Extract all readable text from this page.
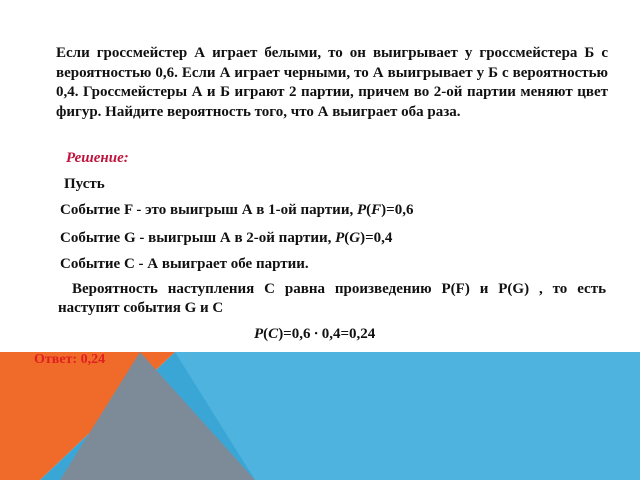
Если гроссмейстер А играет белыми, то он выигрывает у гроссмейстера Б с вероятностью 0,6. Если А играет черными, то А выигрывает у Б с вероятностью 0,4. Гроссмейстеры А и Б играют 2 партии, причем во 2-ой партии меняют цвет фигур. Найдите вероятность того, что А выиграет оба раза.

Решение:
Пусть
Событие F - это выигрыш А в 1-ой партии, P(F)=0,6
Событие G - выигрыш А в 2-ой партии, P(G)=0,4
Событие С - А выиграет обе партии.

Вероятность наступления С равна произведению P(F) и P(G) , то есть наступят события G и C

P(C)=0,6 ∙ 0,4=0,24
Ответ: 0,24
